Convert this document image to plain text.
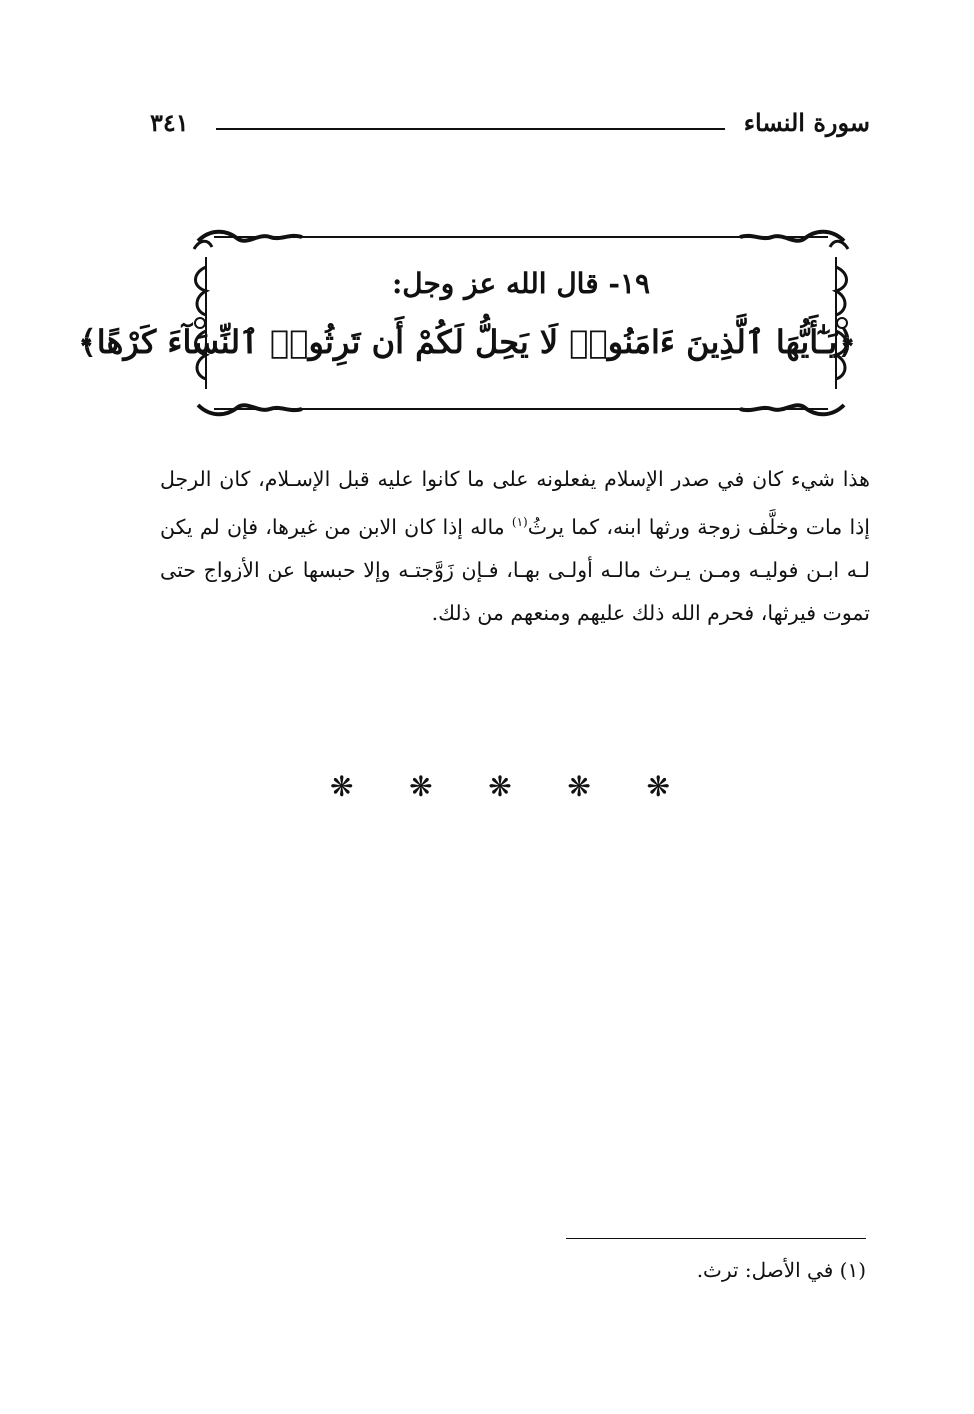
سورة النساء
٣٤١
١٩- قال الله عز وجل:
﴿يَـٰٓأَيُّهَا ٱلَّذِينَ ءَامَنُوا۟ لَا يَحِلُّ لَكُمْ أَن تَرِثُوا۟ ٱلنِّسَآءَ كَرْهًا﴾
هذا شيء كان في صدر الإسلام يفعلونه على ما كانوا عليه قبل الإسـلام، كان الرجل إذا مات وخلَّف زوجة ورثها ابنه، كما يرثُ$^{(١)}$ ماله إذا كان الابن من غيرها، فإن لم يكن لـه ابـن فوليـه ومـن يـرث مالـه أولـى بهـا، فـإن زَوَّجتـه وإلا حبسها عن الأزواج حتى تموت فيرثها، فحرم الله ذلك عليهم ومنعهم من ذلك.
❋
❋
❋
❋
❋
(١) في الأصل: ترث.
